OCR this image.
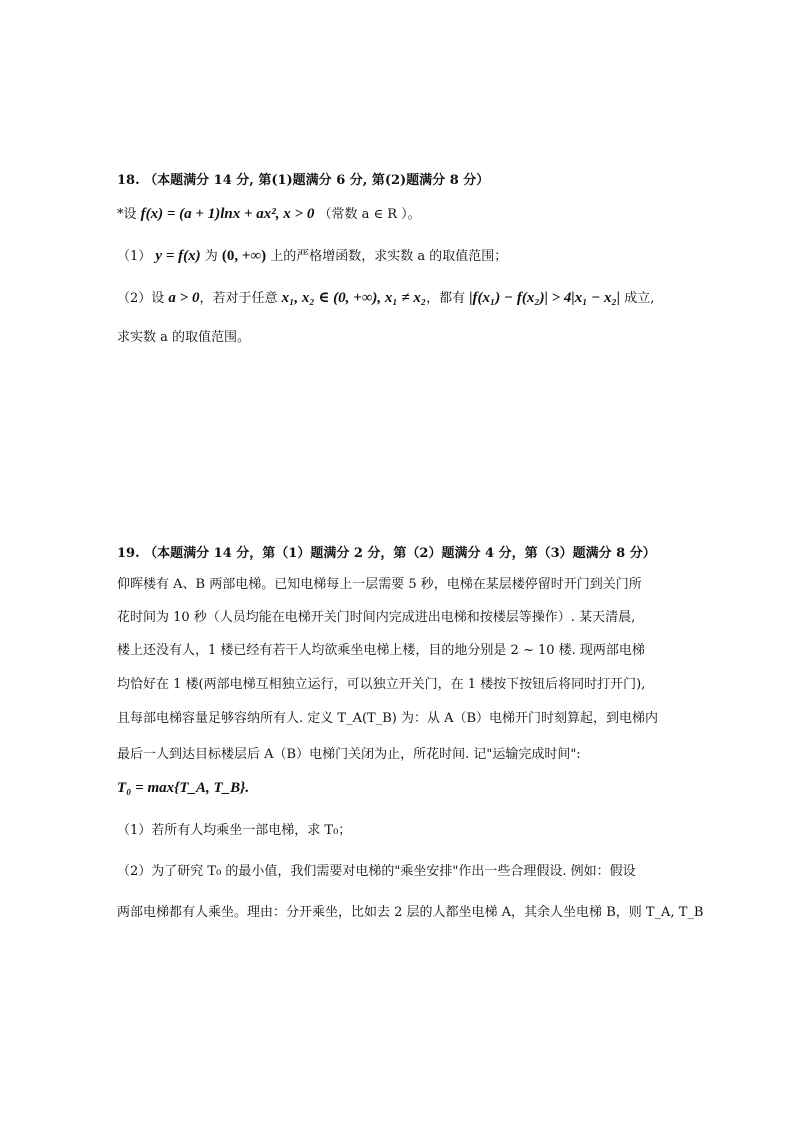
18. （本题满分 14 分, 第(1)题满分 6 分, 第(2)题满分 8 分）
*设 f(x) = (a + 1)lnx + ax², x > 0 （常数 a ∈ R ）。
（1） y = f(x) 为 (0, +∞) 上的严格增函数，求实数 a 的取值范围；
（2）设 a > 0，若对于任意 x₁, x₂ ∈ (0, +∞), x₁ ≠ x₂，都有 |f(x₁) − f(x₂)| > 4|x₁ − x₂| 成立,
求实数 a 的取值范围。
19. （本题满分 14 分，第（1）题满分 2 分，第（2）题满分 4 分，第（3）题满分 8 分）
仰晖楼有 A、B 两部电梯。已知电梯每上一层需要 5 秒，电梯在某层楼停留时开门到关门所
花时间为 10 秒（人员均能在电梯开关门时间内完成进出电梯和按楼层等操作）. 某天清晨,
楼上还没有人，1 楼已经有若干人均欲乘坐电梯上楼，目的地分别是 2 ~ 10 楼. 现两部电梯
均恰好在 1 楼(两部电梯互相独立运行，可以独立开关门，在 1 楼按下按钮后将同时打开门),
且每部电梯容量足够容纳所有人. 定义 T_A(T_B) 为：从 A（B）电梯开门时刻算起，到电梯内
最后一人到达目标楼层后 A（B）电梯门关闭为止，所花时间. 记"运输完成时间":
T₀ = max{T_A, T_B}.
（1）若所有人均乘坐一部电梯，求 T₀；
（2）为了研究 T₀ 的最小值，我们需要对电梯的"乘坐安排"作出一些合理假设. 例如：假设
两部电梯都有人乘坐。理由：分开乘坐，比如去 2 层的人都坐电梯 A，其余人坐电梯 B，则 T_A, T_B
